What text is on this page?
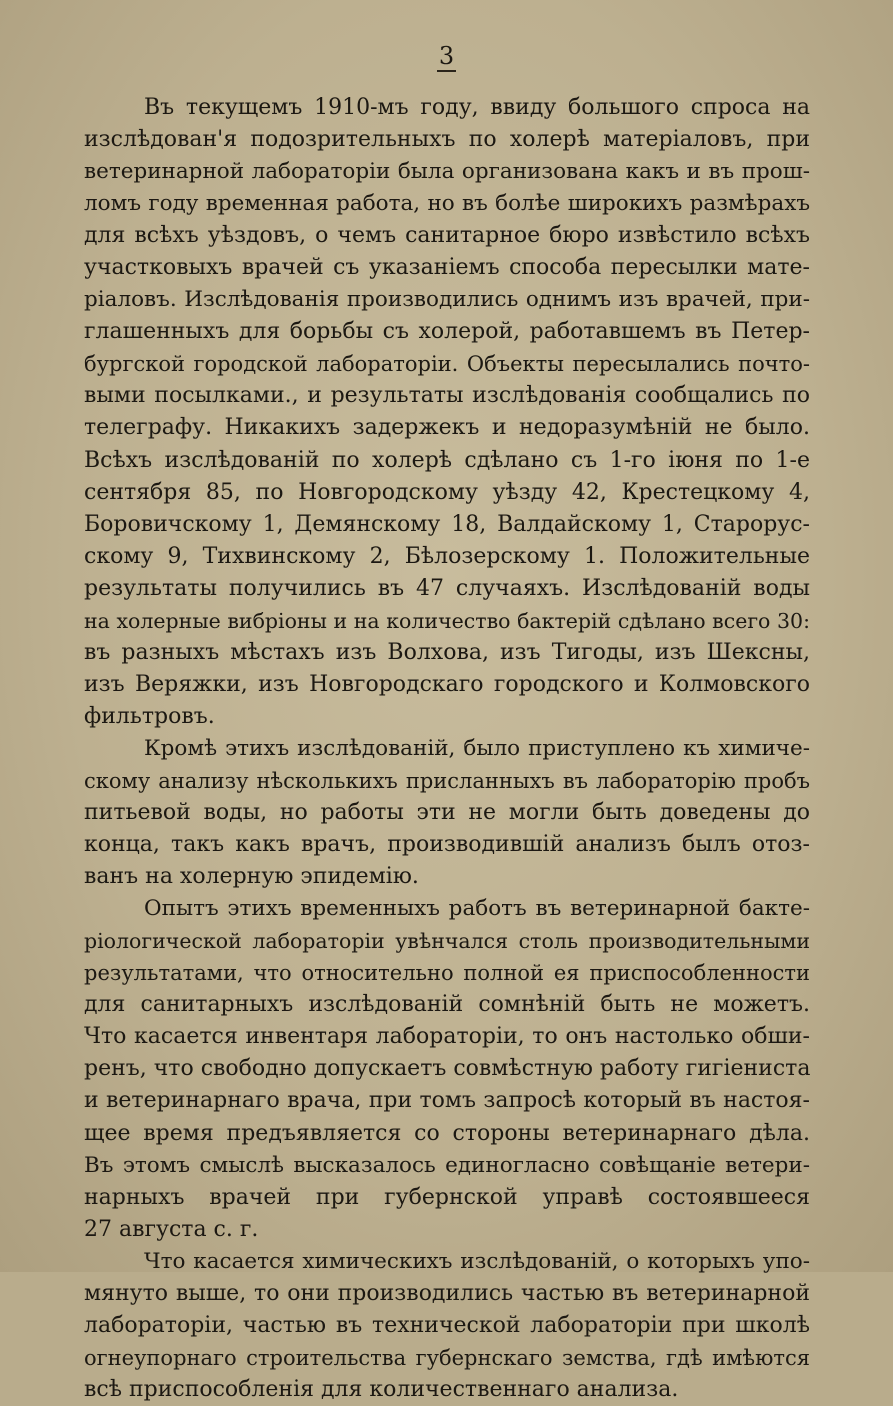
3
Въ текущемъ 1910-мъ году, ввиду большого спроса на
изслѣдован'я подозрительныхъ по холерѣ матеріаловъ, при
ветеринарной лабораторіи была организована какъ и въ прош-
ломъ году временная работа, но въ болѣе широкихъ размѣрахъ
для всѣхъ уѣздовъ, о чемъ санитарное бюро извѣстило всѣхъ
участковыхъ врачей съ указаніемъ способа пересылки мате-
ріаловъ. Изслѣдованія производились однимъ изъ врачей, при-
глашенныхъ для борьбы съ холерой, работавшемъ въ Петер-
бургской городской лабораторіи. Объекты пересылались почто-
выми посылками., и результаты изслѣдованія сообщались по
телеграфу. Никакихъ задержекъ и недоразумѣній не было.
Всѣхъ изслѣдованій по холерѣ сдѣлано съ 1-го іюня по 1-е
сентября 85, по Новгородскому уѣзду 42, Крестецкому 4,
Боровичскому 1, Демянскому 18, Валдайскому 1, Старорус-
скому 9, Тихвинскому 2, Бѣлозерскому 1. Положительные
результаты получились въ 47 случаяхъ. Изслѣдованій воды
на холерные вибріоны и на количество бактерій сдѣлано всего 30:
въ разныхъ мѣстахъ изъ Волхова, изъ Тигоды, изъ Шексны,
изъ Веряжки, изъ Новгородскаго городского и Колмовского
фильтровъ.
Кромѣ этихъ изслѣдованій, было приступлено къ химиче-
скому анализу нѣсколькихъ присланныхъ въ лабораторію пробъ
питьевой воды, но работы эти не могли быть доведены до
конца, такъ какъ врачъ, производившій анализъ былъ отоз-
ванъ на холерную эпидемію.
Опытъ этихъ временныхъ работъ въ ветеринарной бакте-
ріологической лабораторіи увѣнчался столь производительными
результатами, что относительно полной ея приспособленности
для санитарныхъ изслѣдованій сомнѣній быть не можетъ.
Что касается инвентаря лабораторіи, то онъ настолько обши-
ренъ, что свободно допускаетъ совмѣстную работу гигіениста
и ветеринарнаго врача, при томъ запросѣ который въ настоя-
щее время предъявляется со стороны ветеринарнаго дѣла.
Въ этомъ смыслѣ высказалось единогласно совѣщаніе ветери-
нарныхъ врачей при губернской управѣ состоявшееся
27 августа с. г.
Что касается химическихъ изслѣдованій, о которыхъ упо-
мянуто выше, то они производились частью въ ветеринарной
лабораторіи, частью въ технической лабораторіи при школѣ
огнеупорнаго строительства губернскаго земства, гдѣ имѣются
всѣ приспособленія для количественнаго анализа.
